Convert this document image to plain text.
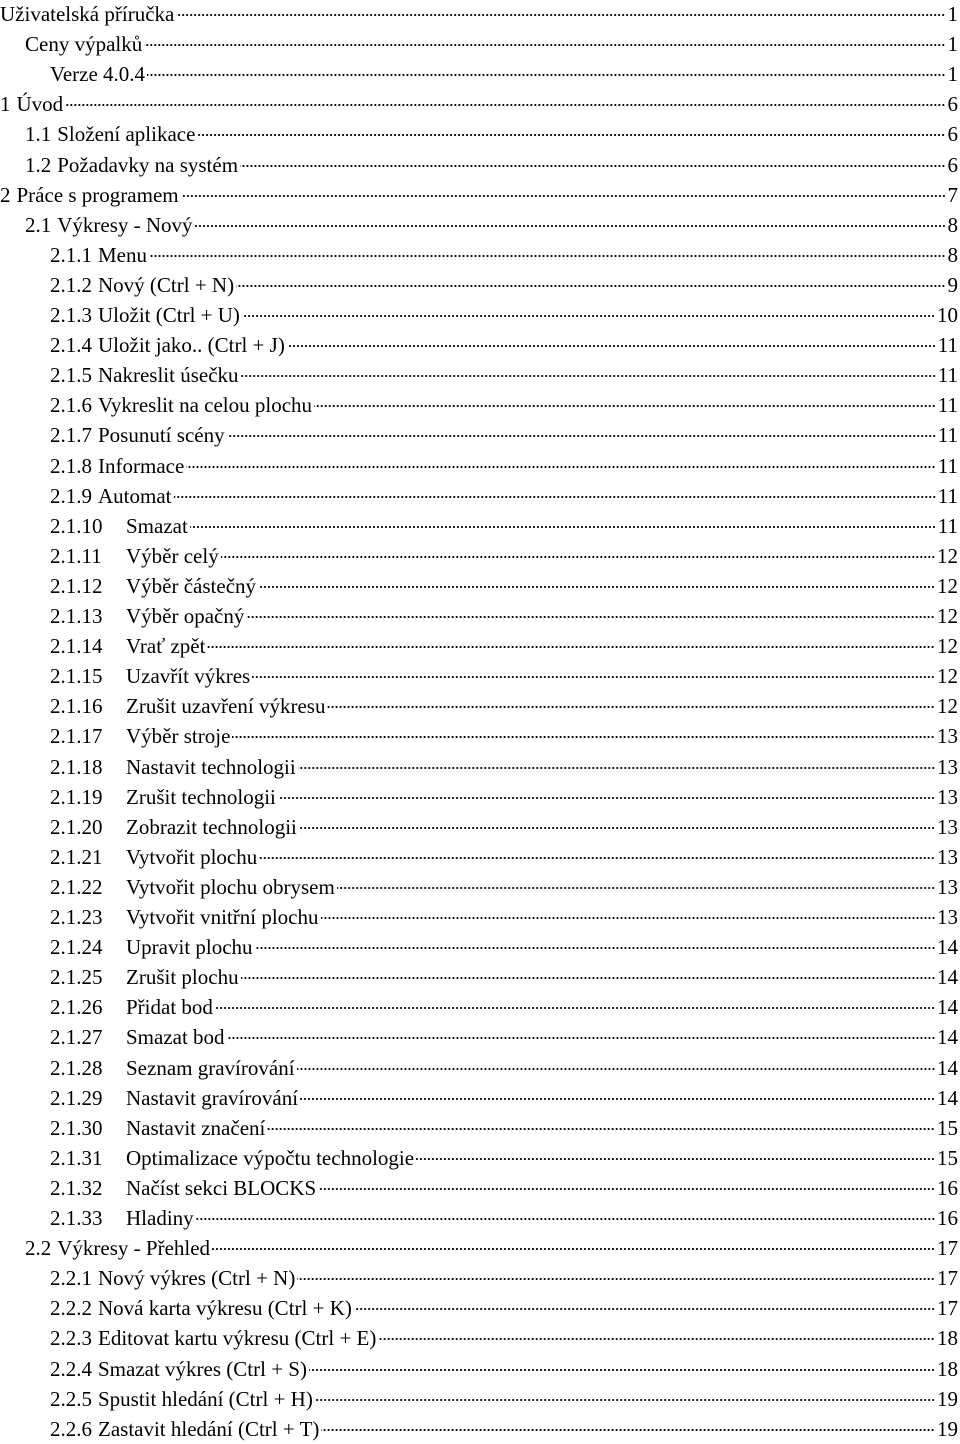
Uživatelská příručka	1
Ceny výpalků	1
Verze 4.0.4	1
1 Úvod	6
1.1 Složení aplikace	6
1.2 Požadavky na systém	6
2 Práce s programem	7
2.1 Výkresy - Nový	8
2.1.1 Menu	8
2.1.2 Nový (Ctrl + N)	9
2.1.3 Uložit (Ctrl + U)	10
2.1.4 Uložit jako.. (Ctrl + J)	11
2.1.5 Nakreslit úsečku	11
2.1.6 Vykreslit na celou plochu	11
2.1.7 Posunutí scény	11
2.1.8 Informace	11
2.1.9 Automat	11
2.1.10	Smazat	11
2.1.11	Výběr celý	12
2.1.12	Výběr částečný	12
2.1.13	Výběr opačný	12
2.1.14	Vrať zpět	12
2.1.15	Uzavřít výkres	12
2.1.16	Zrušit uzavření výkresu	12
2.1.17	Výběr stroje	13
2.1.18	Nastavit technologii	13
2.1.19	Zrušit technologii	13
2.1.20	Zobrazit technologii	13
2.1.21	Vytvořit plochu	13
2.1.22	Vytvořit plochu obrysem	13
2.1.23	Vytvořit vnitřní plochu	13
2.1.24	Upravit plochu	14
2.1.25	Zrušit plochu	14
2.1.26	Přidat bod	14
2.1.27	Smazat bod	14
2.1.28	Seznam gravírování	14
2.1.29	Nastavit gravírování	14
2.1.30	Nastavit značení	15
2.1.31	Optimalizace výpočtu technologie	15
2.1.32	Načíst sekci BLOCKS	16
2.1.33	Hladiny	16
2.2 Výkresy - Přehled	17
2.2.1 Nový výkres (Ctrl + N)	17
2.2.2 Nová karta výkresu (Ctrl + K)	17
2.2.3 Editovat kartu výkresu (Ctrl + E)	18
2.2.4 Smazat výkres (Ctrl + S)	18
2.2.5 Spustit hledání (Ctrl + H)	19
2.2.6 Zastavit hledání (Ctrl + T)	19
